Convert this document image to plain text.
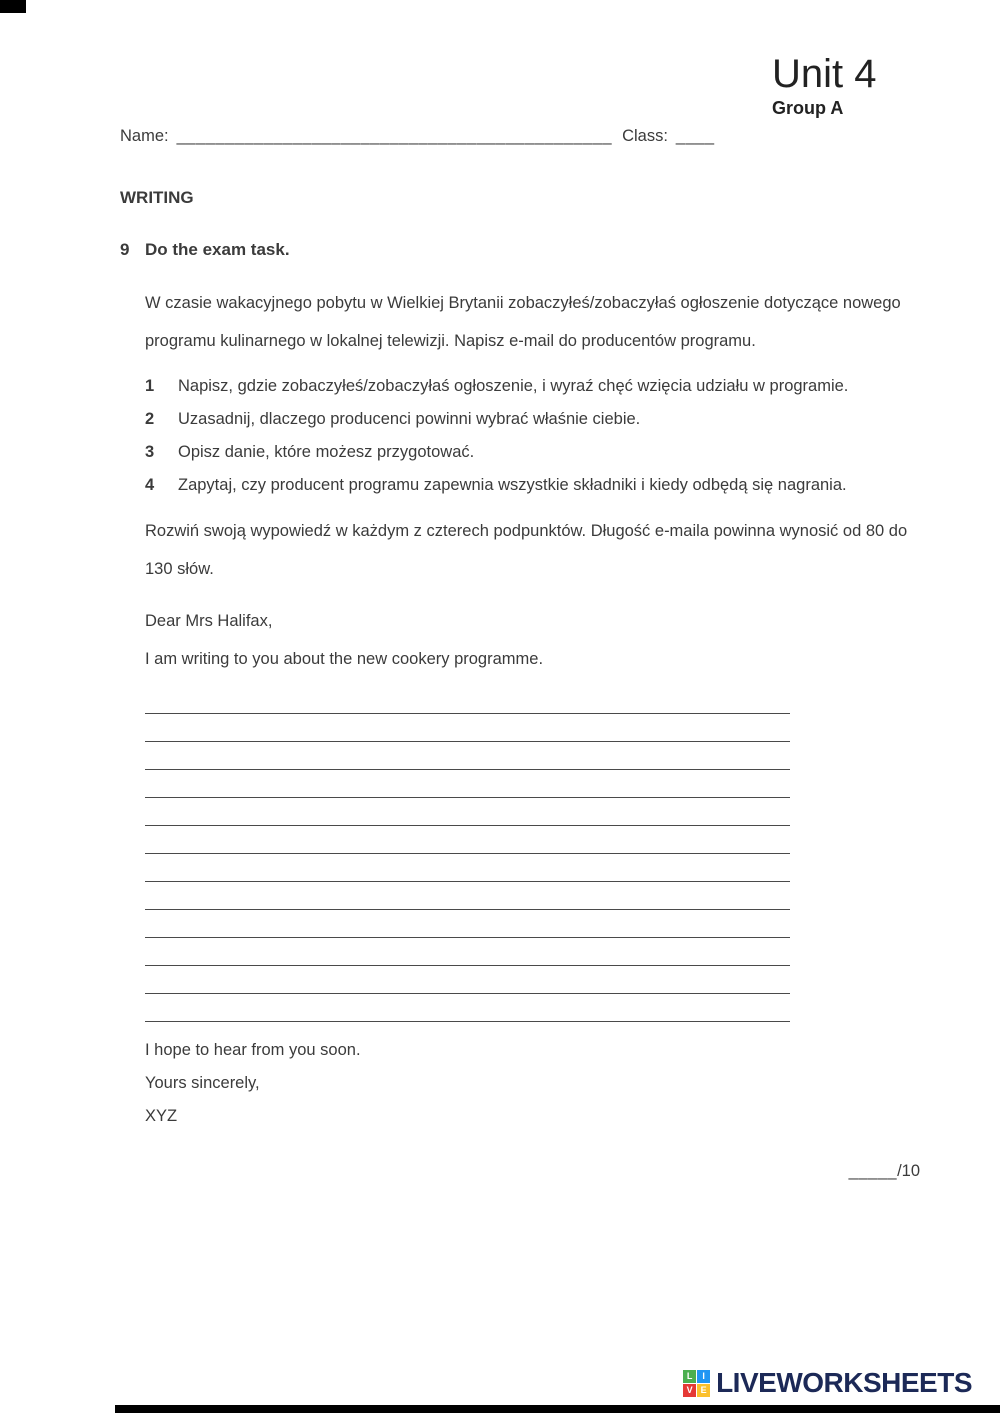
Unit 4
Group A
Name: _____________________________________________ Class: ____
WRITING
9 Do the exam task.

W czasie wakacyjnego pobytu w Wielkiej Brytanii zobaczyłeś/zobaczyłaś ogłoszenie dotyczące nowego programu kulinarnego w lokalnej telewizji. Napisz e-mail do producentów programu.

1	Napisz, gdzie zobaczyłeś/zobaczyłaś ogłoszenie, i wyraź chęć wzięcia udziału w programie.
2	Uzasadnij, dlaczego producenci powinni wybrać właśnie ciebie.
3	Opisz danie, które możesz przygotować.
4	Zapytaj, czy producent programu zapewnia wszystkie składniki i kiedy odbędą się nagrania.

Rozwiń swoją wypowiedź w każdym z czterech podpunktów. Długość e-maila powinna wynosić od 80 do 130 słów.

Dear Mrs Halifax,

I am writing to you about the new cookery programme.

I hope to hear from you soon.

Yours sincerely,

XYZ

_____/10
L	I
V E LIVEWORKSHEETS
